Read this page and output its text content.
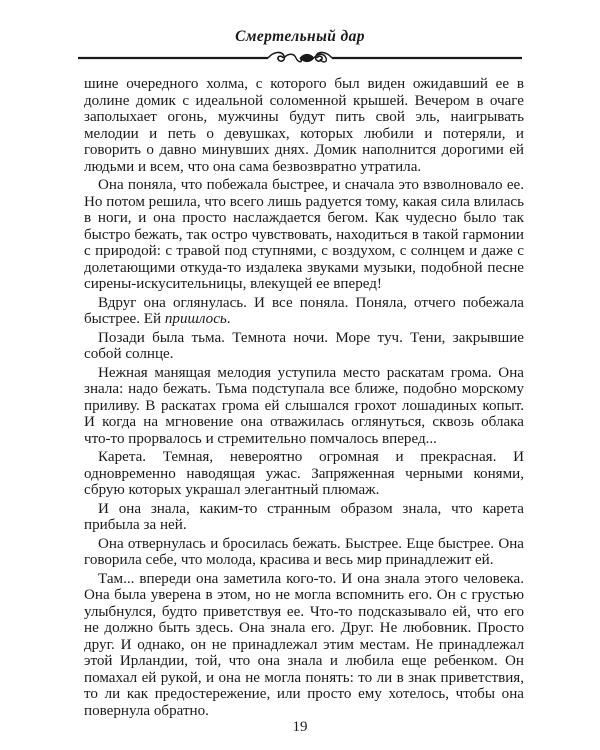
Смертельный дар

шине очередного холма, с которого был виден ожидавший ее в долине домик с идеальной соломенной крышей. Вечером в очаге заполыхает огонь, мужчины будут пить свой эль, наигрывать мелодии и петь о девушках, которых любили и потеряли, и говорить о давно минувших днях. Домик наполнится дорогими ей людьми и всем, что она сама безвозвратно утратила.

Она поняла, что побежала быстрее, и сначала это взволновало ее. Но потом решила, что всего лишь радуется тому, какая сила влилась в ноги, и она просто наслаждается бегом. Как чудесно было так быстро бежать, так остро чувствовать, находиться в такой гармонии с природой: с травой под ступнями, с воздухом, с солнцем и даже с долетающими откуда-то издалека звуками музыки, подобной песне сирены-искусительницы, влекущей ее вперед!

Вдруг она оглянулась. И все поняла. Поняла, отчего побежала быстрее. Ей пришлось.

Позади была тьма. Темнота ночи. Море туч. Тени, закрывшие собой солнце.

Нежная манящая мелодия уступила место раскатам грома. Она знала: надо бежать. Тьма подступала все ближе, подобно морскому приливу. В раскатах грома ей слышался грохот лошадиных копыт. И когда на мгновение она отважилась оглянуться, сквозь облака что-то прорвалось и стремительно помчалось вперед...

Карета. Темная, невероятно огромная и прекрасная. И одновременно наводящая ужас. Запряженная черными конями, сбрую которых украшал элегантный плюмаж.

И она знала, каким-то странным образом знала, что карета прибыла за ней.

Она отвернулась и бросилась бежать. Быстрее. Еще быстрее. Она говорила себе, что молода, красива и весь мир принадлежит ей.

Там... впереди она заметила кого-то. И она знала этого человека. Она была уверена в этом, но не могла вспомнить его. Он с грустью улыбнулся, будто приветствуя ее. Что-то подсказывало ей, что его не должно быть здесь. Она знала его. Друг. Не любовник. Просто друг. И однако, он не принадлежал этим местам. Не принадлежал этой Ирландии, той, что она знала и любила еще ребенком. Он помахал ей рукой, и она не могла понять: то ли в знак приветствия, то ли как предостережение, или просто ему хотелось, чтобы она повернула обратно.

19
